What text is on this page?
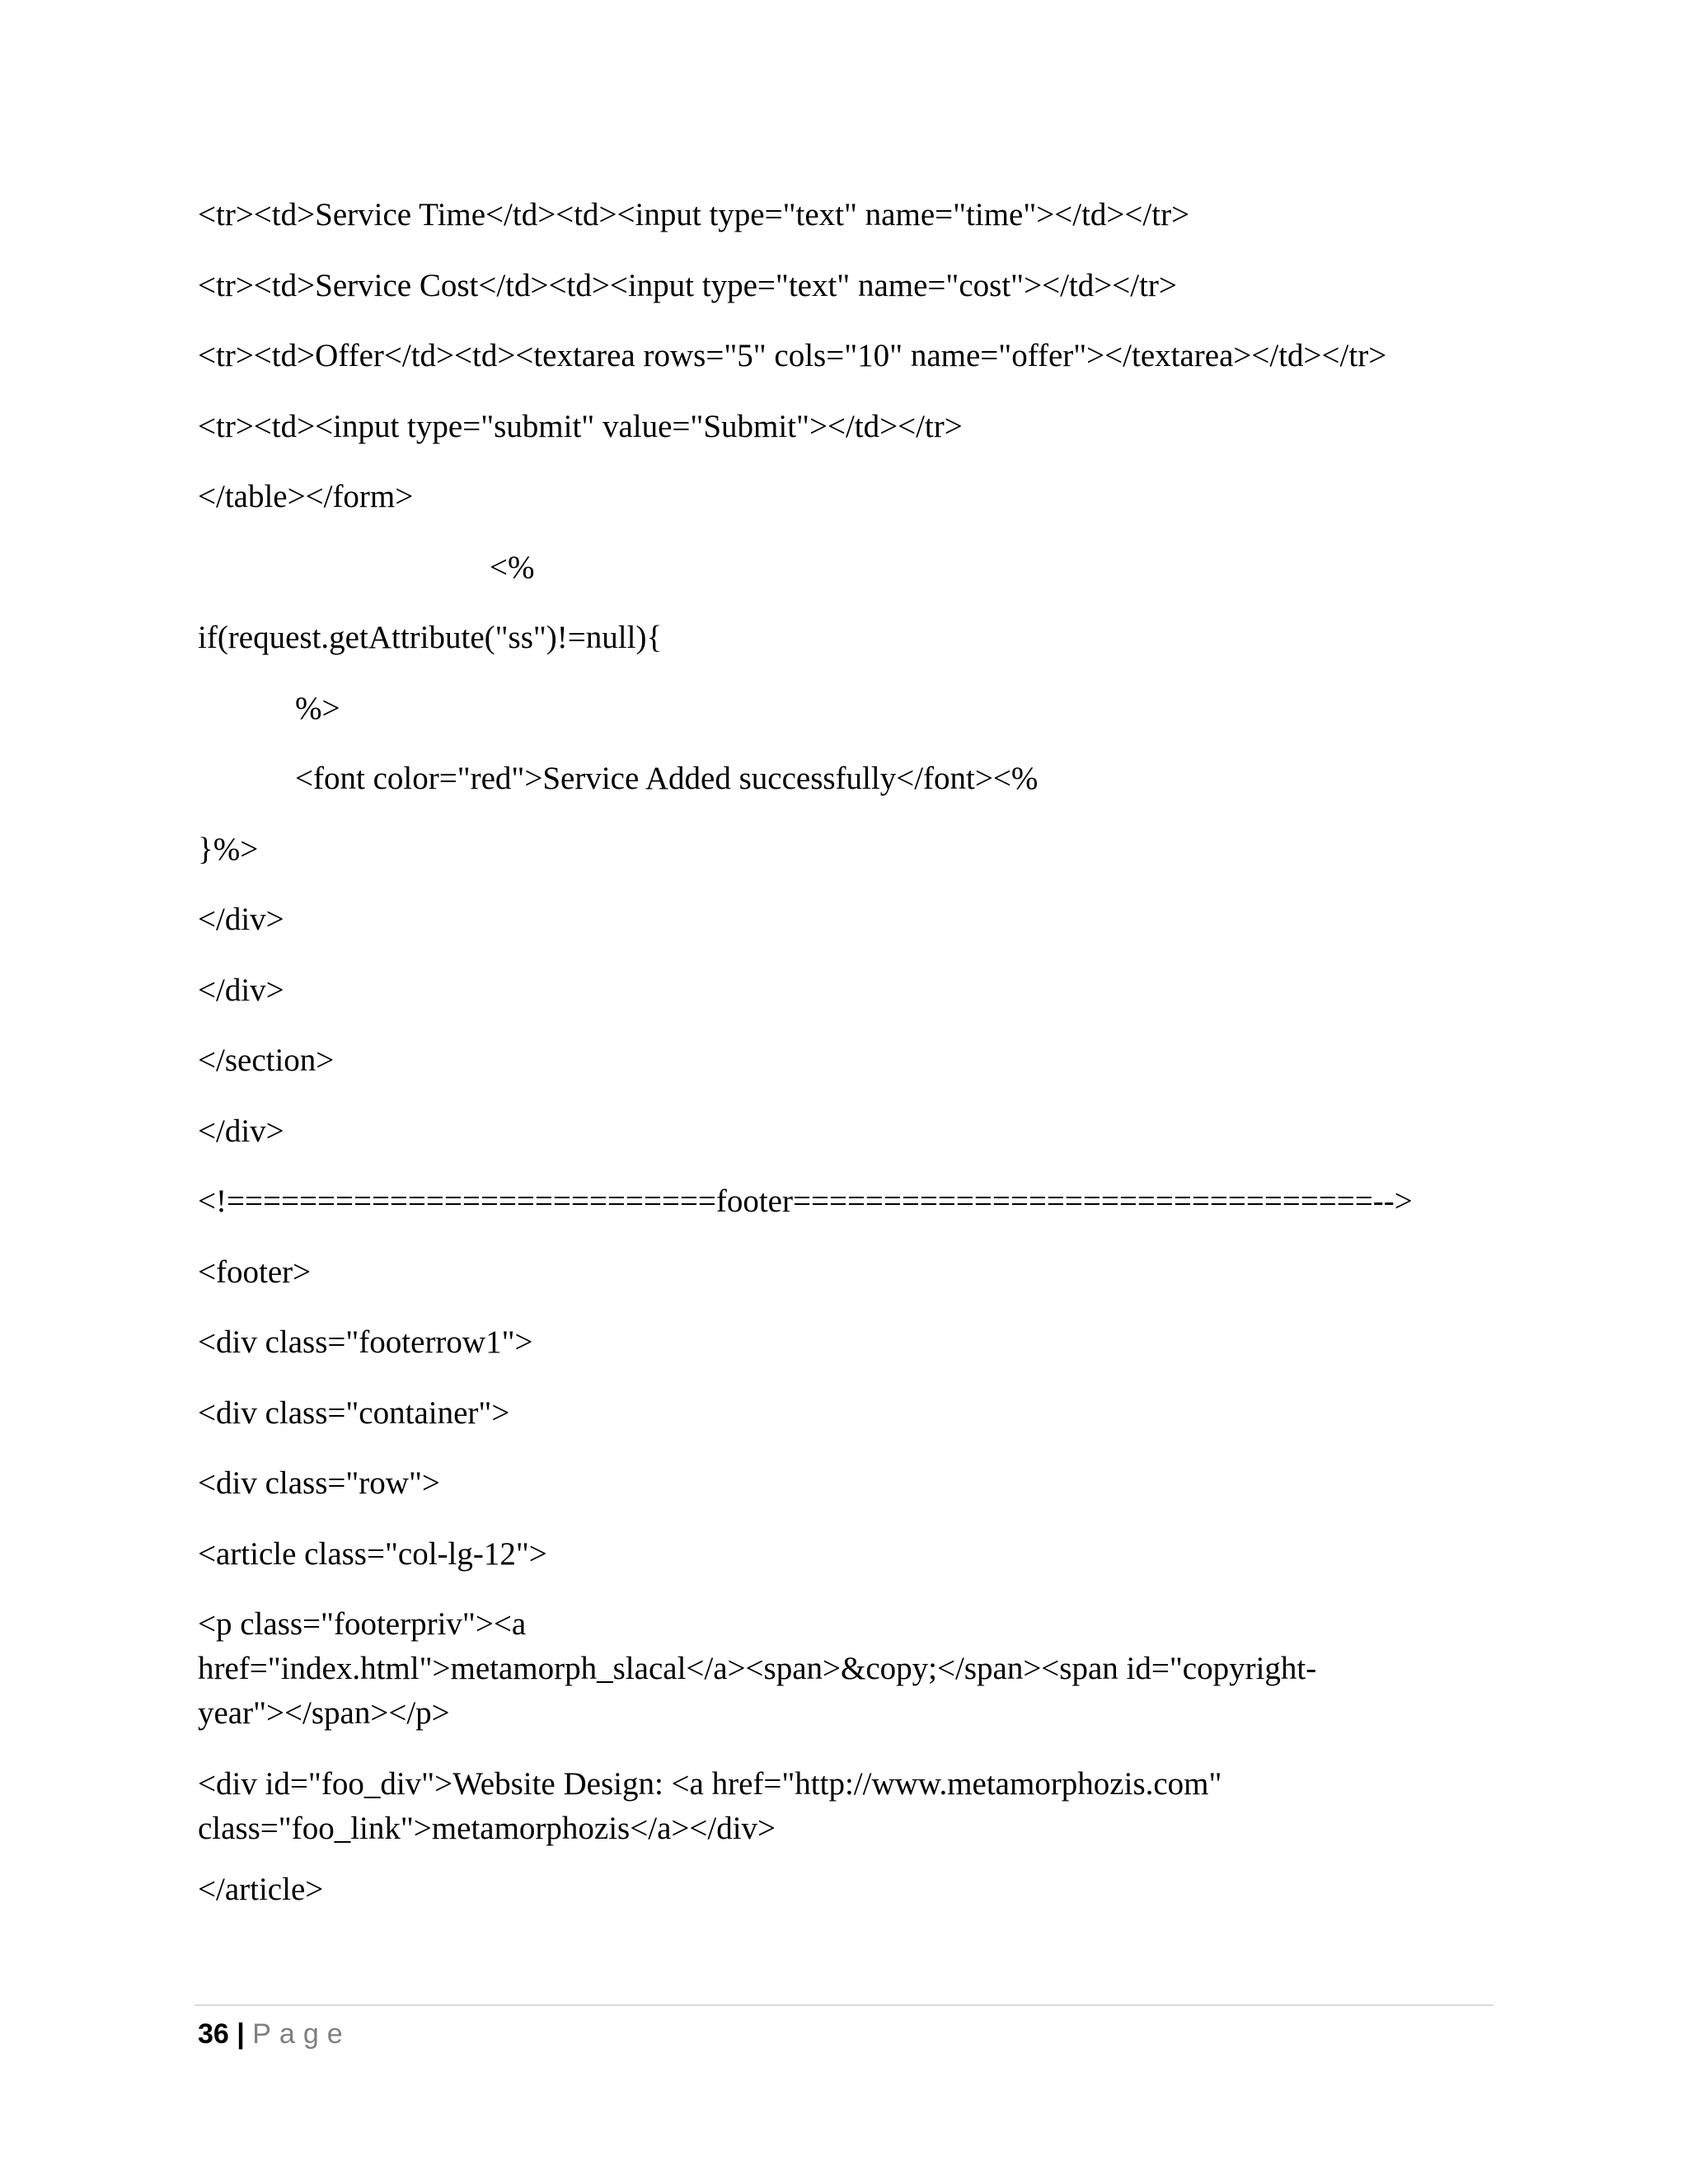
<tr><td>Service Time</td><td><input type="text" name="time"></td></tr>

<tr><td>Service Cost</td><td><input type="text" name="cost"></td></tr>

<tr><td>Offer</td><td><textarea rows="5" cols="10" name="offer"></textarea></td></tr>

<tr><td><input type="submit" value="Submit"></td></tr>

</table></form>

<%

if(request.getAttribute("ss")!=null){

%>

<font color="red">Service Added successfully</font><%

}%>

</div>

</div>

</section>

</div>

<!===========================footer================================-->

<footer>

<div class="footerrow1">

<div class="container">

<div class="row">

<article class="col-lg-12">

<p class="footerpriv"><a
href="index.html">metamorph_slacal</a><span>&copy;</span><span id="copyright-
year"></span></p>

<div id="foo_div">Website Design: <a href="http://www.metamorphozis.com"
class="foo_link">metamorphozis</a></div>

</article>

36 | Page
